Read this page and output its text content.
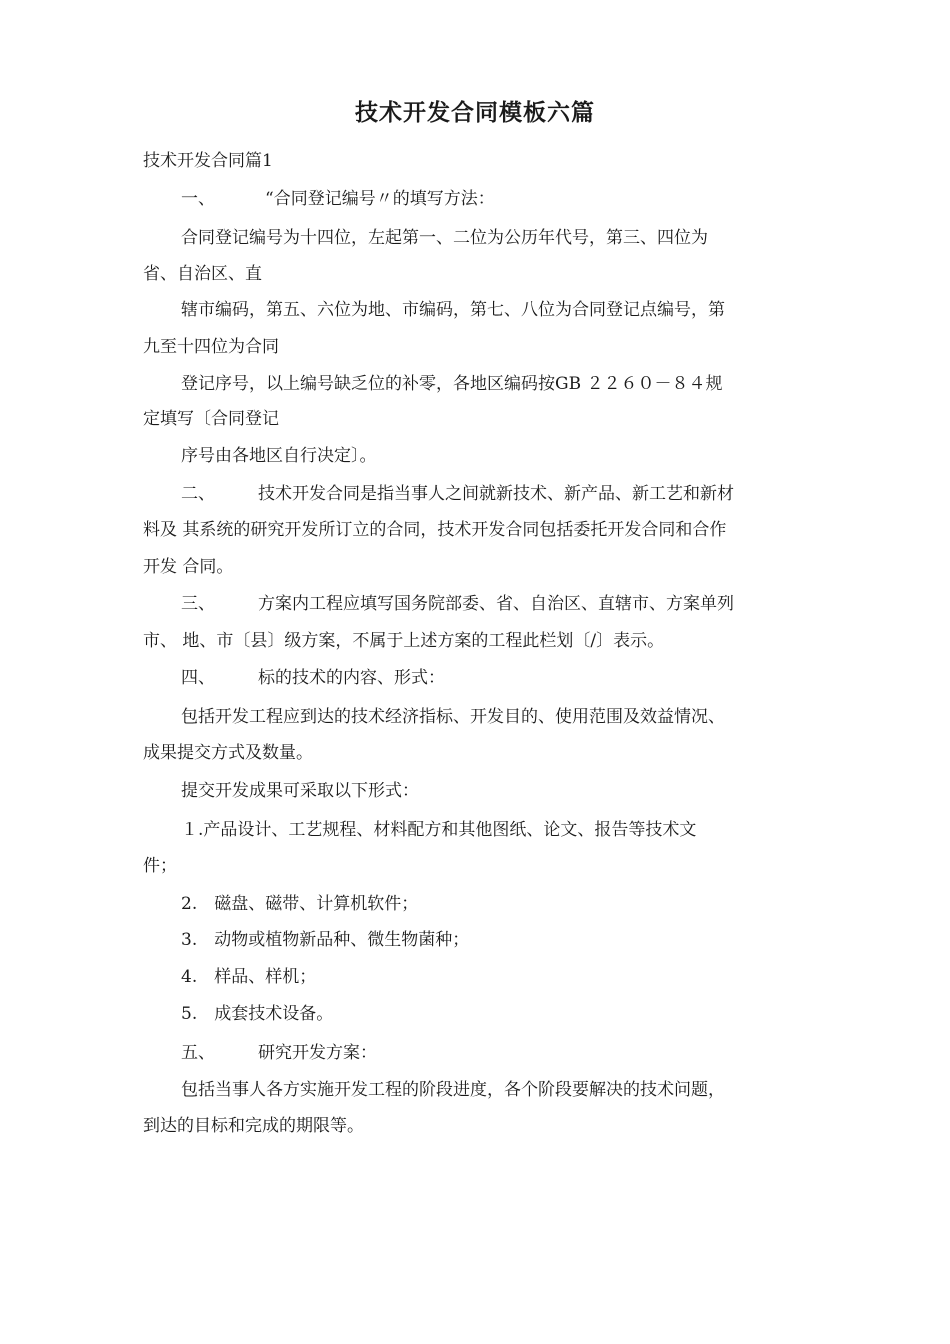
技术开发合同模板六篇
技术开发合同篇1
一、	“合同登记编号〃的填写方法：
合同登记编号为十四位，左起第一、二位为公历年代号，第三、四位为
省、自治区、直
辖市编码，第五、六位为地、市编码，第七、八位为合同登记点编号，第
九至十四位为合同
登记序号，以上编号缺乏位的补零，各地区编码按GB ２２６０－８４规
定填写〔合同登记
序号由各地区自行决定〕。
二、	技术开发合同是指当事人之间就新技术、新产品、新工艺和新材
料及 其系统的研究开发所订立的合同，技术开发合同包括委托开发合同和合作
开发 合同。
三、	方案内工程应填写国务院部委、省、自治区、直辖市、方案单列
市、 地、市〔县〕级方案，不属于上述方案的工程此栏划〔/〕表示。
四、	标的技术的内容、形式：
包括开发工程应到达的技术经济指标、开发目的、使用范围及效益情况、
成果提交方式及数量。
提交开发成果可采取以下形式：
１.产品设计、工艺规程、材料配方和其他图纸、论文、报告等技术文
件；
2.　磁盘、磁带、计算机软件；
3.　动物或植物新品种、微生物菌种；
4.　样品、样机；
5.　成套技术设备。
五、	研究开发方案：
包括当事人各方实施开发工程的阶段进度，各个阶段要解决的技术问题，
到达的目标和完成的期限等。
